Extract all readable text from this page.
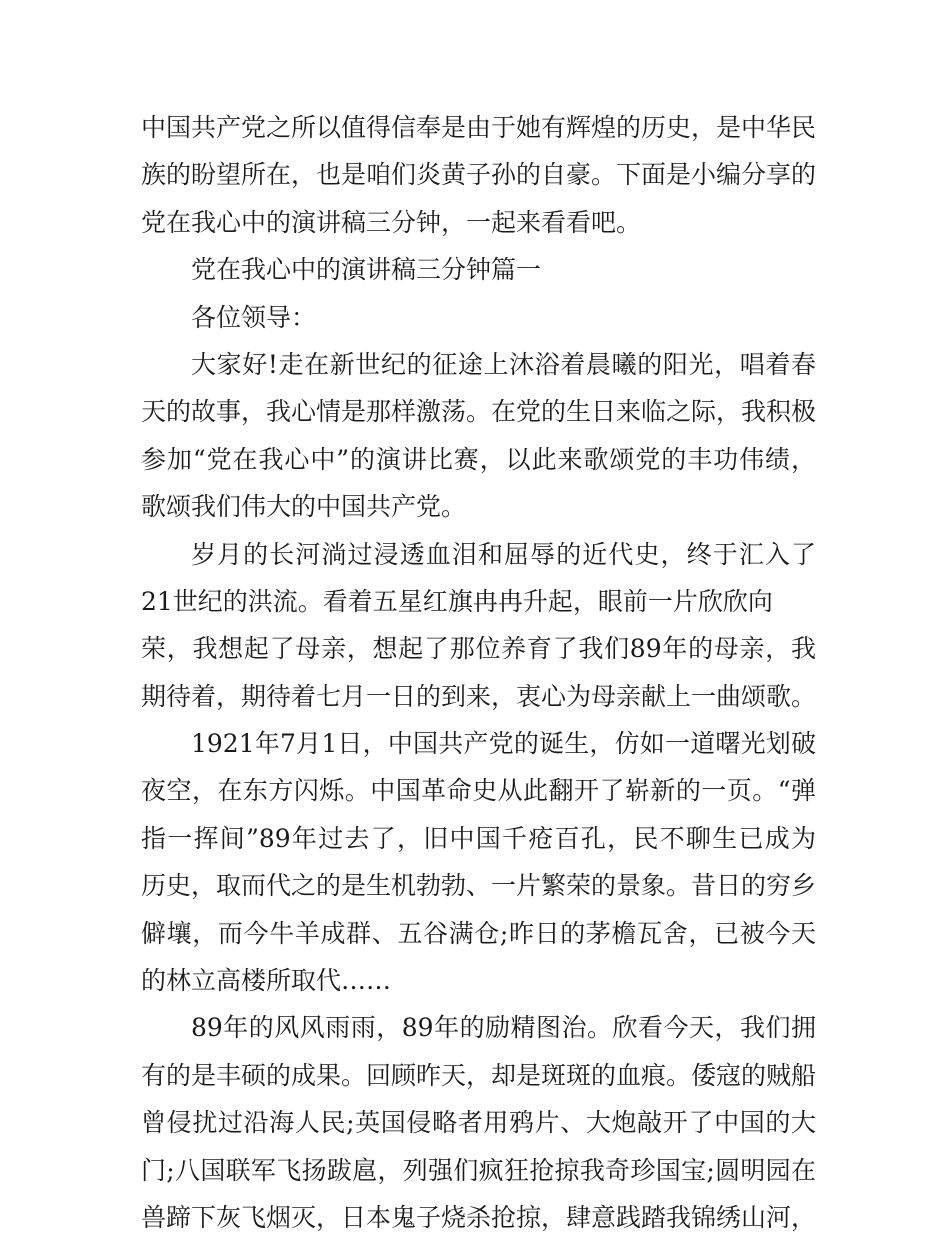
中国共产党之所以值得信奉是由于她有辉煌的历史，是中华民
族的盼望所在，也是咱们炎黄子孙的自豪。下面是小编分享的
党在我心中的演讲稿三分钟，一起来看看吧。
党在我心中的演讲稿三分钟篇一
各位领导：
大家好!走在新世纪的征途上沐浴着晨曦的阳光，唱着春
天的故事，我心情是那样激荡。在党的生日来临之际，我积极
参加“党在我心中”的演讲比赛，以此来歌颂党的丰功伟绩，
歌颂我们伟大的中国共产党。
岁月的长河淌过浸透血泪和屈辱的近代史，终于汇入了
21世纪的洪流。看着五星红旗冉冉升起，眼前一片欣欣向
荣，我想起了母亲，想起了那位养育了我们89年的母亲，我
期待着，期待着七月一日的到来，衷心为母亲献上一曲颂歌。
1921年7月1日，中国共产党的诞生，仿如一道曙光划破
夜空，在东方闪烁。中国革命史从此翻开了崭新的一页。“弹
指一挥间”89年过去了，旧中国千疮百孔，民不聊生已成为
历史，取而代之的是生机勃勃、一片繁荣的景象。昔日的穷乡
僻壤，而今牛羊成群、五谷满仓;昨日的茅檐瓦舍，已被今天
的林立高楼所取代……
89年的风风雨雨，89年的励精图治。欣看今天，我们拥
有的是丰硕的成果。回顾昨天，却是斑斑的血痕。倭寇的贼船
曾侵扰过沿海人民;英国侵略者用鸦片、大炮敲开了中国的大
门;八国联军飞扬跋扈，列强们疯狂抢掠我奇珍国宝;圆明园在
兽蹄下灰飞烟灭，日本鬼子烧杀抢掠，肆意践踏我锦绣山河，
